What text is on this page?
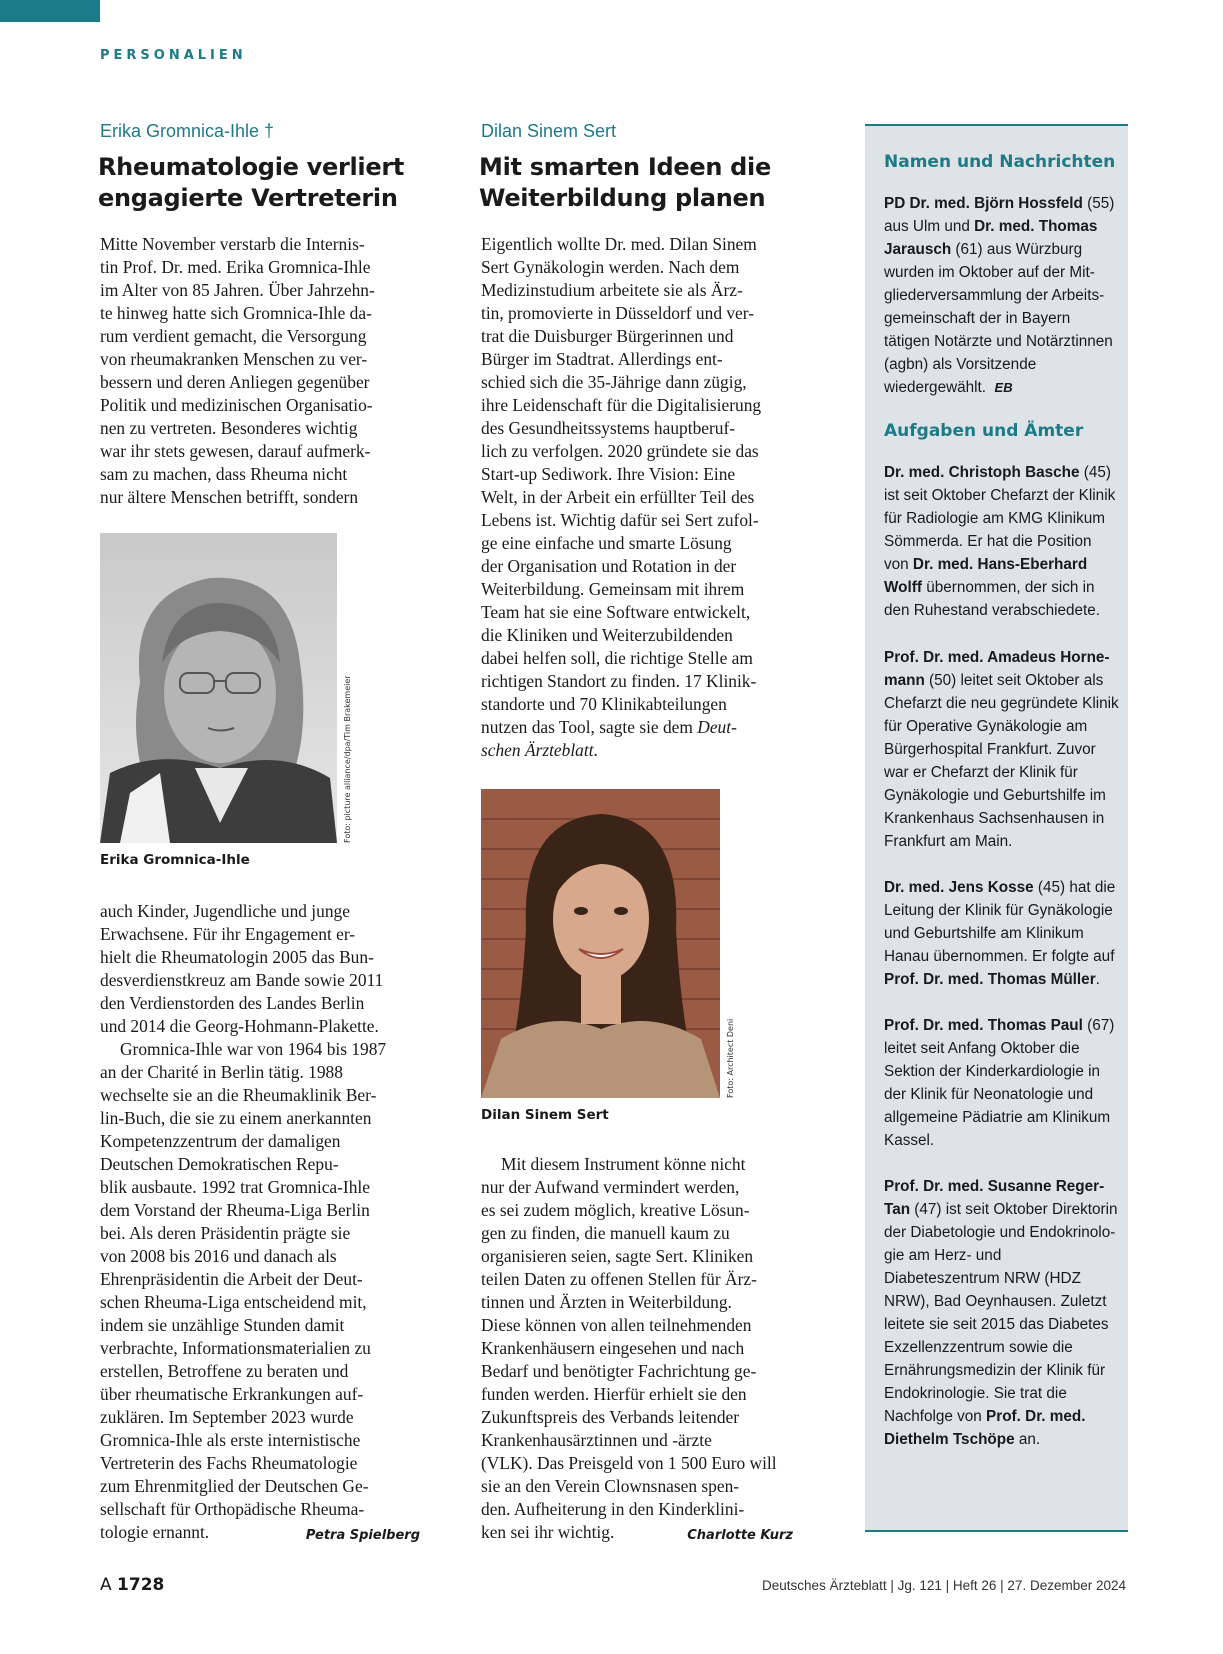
PERSONALIEN
Erika Gromnica-Ihle †
Rheumatologie verliert
engagierte Vertreterin
Mitte November verstarb die Internis-
tin Prof. Dr. med. Erika Gromnica-Ihle
im Alter von 85 Jahren. Über Jahrzehn-
te hinweg hatte sich Gromnica-Ihle da-
rum verdient gemacht, die Versorgung
von rheumakranken Menschen zu ver-
bessern und deren Anliegen gegenüber
Politik und medizinischen Organisatio-
nen zu vertreten. Besonderes wichtig
war ihr stets gewesen, darauf aufmerk-
sam zu machen, dass Rheuma nicht
nur ältere Menschen betrifft, sondern
Foto: picture alliance/dpa/Tim Brakemeier
Erika Gromnica-Ihle
auch Kinder, Jugendliche und junge
Erwachsene. Für ihr Engagement er-
hielt die Rheumatologin 2005 das Bun-
desverdienstkreuz am Bande sowie 2011
den Verdienstorden des Landes Berlin
und 2014 die Georg-Hohmann-Plakette.
Gromnica-Ihle war von 1964 bis 1987
an der Charité in Berlin tätig. 1988
wechselte sie an die Rheumaklinik Ber-
lin-Buch, die sie zu einem anerkannten
Kompetenzzentrum der damaligen
Deutschen Demokratischen Repu-
blik ausbaute. 1992 trat Gromnica-Ihle
dem Vorstand der Rheuma-Liga Berlin
bei. Als deren Präsidentin prägte sie
von 2008 bis 2016 und danach als
Ehrenpräsidentin die Arbeit der Deut-
schen Rheuma-Liga entscheidend mit,
indem sie unzählige Stunden damit
verbrachte, Informationsmaterialien zu
erstellen, Betroffene zu beraten und
über rheumatische Erkrankungen auf-
zuklären. Im September 2023 wurde
Gromnica-Ihle als erste internistische
Vertreterin des Fachs Rheumatologie
zum Ehrenmitglied der Deutschen Ge-
sellschaft für Orthopädische Rheuma-
tologie ernannt.	Petra Spielberg
Dilan Sinem Sert
Mit smarten Ideen die
Weiterbildung planen
Eigentlich wollte Dr. med. Dilan Sinem
Sert Gynäkologin werden. Nach dem
Medizinstudium arbeitete sie als Ärz-
tin, promovierte in Düsseldorf und ver-
trat die Duisburger Bürgerinnen und
Bürger im Stadtrat. Allerdings ent-
schied sich die 35-Jährige dann zügig,
ihre Leidenschaft für die Digitalisierung
des Gesundheitssystems hauptberuf-
lich zu verfolgen. 2020 gründete sie das
Start-up Sediwork. Ihre Vision: Eine
Welt, in der Arbeit ein erfüllter Teil des
Lebens ist. Wichtig dafür sei Sert zufol-
ge eine einfache und smarte Lösung
der Organisation und Rotation in der
Weiterbildung. Gemeinsam mit ihrem
Team hat sie eine Software entwickelt,
die Kliniken und Weiterzubildenden
dabei helfen soll, die richtige Stelle am
richtigen Standort zu finden. 17 Klinik-
standorte und 70 Klinikabteilungen
nutzen das Tool, sagte sie dem Deut-
schen Ärzteblatt.
Foto: Architect Deni
Dilan Sinem Sert
Mit diesem Instrument könne nicht
nur der Aufwand vermindert werden,
es sei zudem möglich, kreative Lösun-
gen zu finden, die manuell kaum zu
organisieren seien, sagte Sert. Kliniken
teilen Daten zu offenen Stellen für Ärz-
tinnen und Ärzten in Weiterbildung.
Diese können von allen teilnehmenden
Krankenhäusern eingesehen und nach
Bedarf und benötigter Fachrichtung ge-
funden werden. Hierfür erhielt sie den
Zukunftspreis des Verbands leitender
Krankenhausärztinnen und -ärzte
(VLK). Das Preisgeld von 1 500 Euro will
sie an den Verein Clownsnasen spen-
den. Aufheiterung in den Kinderklini-
ken sei ihr wichtig.	Charlotte Kurz
Namen und Nachrichten
PD Dr. med. Björn Hossfeld (55) aus Ulm und Dr. med. Thomas Jarausch (61) aus Würzburg wurden im Oktober auf der Mitgliederversammlung der Arbeitsgemeinschaft der in Bayern tätigen Notärzte und Notärztinnen (agbn) als Vorsitzende wiedergewählt.  EB
Aufgaben und Ämter
Dr. med. Christoph Basche (45) ist seit Oktober Chefarzt der Klinik für Radiologie am KMG Klinikum Sömmerda. Er hat die Position von Dr. med. Hans-Eberhard Wolff übernommen, der sich in den Ruhestand verabschiedete.
Prof. Dr. med. Amadeus Hornemann (50) leitet seit Oktober als Chefarzt die neu gegründete Klinik für Operative Gynäkologie am Bürgerhospital Frankfurt. Zuvor war er Chefarzt der Klinik für Gynäkologie und Geburtshilfe im Krankenhaus Sachsenhausen in Frankfurt am Main.
Dr. med. Jens Kosse (45) hat die Leitung der Klinik für Gynäkologie und Geburtshilfe am Klinikum Hanau übernommen. Er folgte auf Prof. Dr. med. Thomas Müller.
Prof. Dr. med. Thomas Paul (67) leitet seit Anfang Oktober die Sektion der Kinderkardiologie in der Klinik für Neonatologie und allgemeine Pädiatrie am Klinikum Kassel.
Prof. Dr. med. Susanne Reger-Tan (47) ist seit Oktober Direktorin der Diabetologie und Endokrinologie am Herz- und Diabeteszentrum NRW (HDZ NRW), Bad Oeynhausen. Zuletzt leitete sie seit 2015 das Diabetes Exzellenzzentrum sowie die Ernährungsmedizin der Klinik für Endokrinologie. Sie trat die Nachfolge von Prof. Dr. med. Diethelm Tschöpe an.
A 1728	Deutsches Ärzteblatt | Jg. 121 | Heft 26 | 27. Dezember 2024
